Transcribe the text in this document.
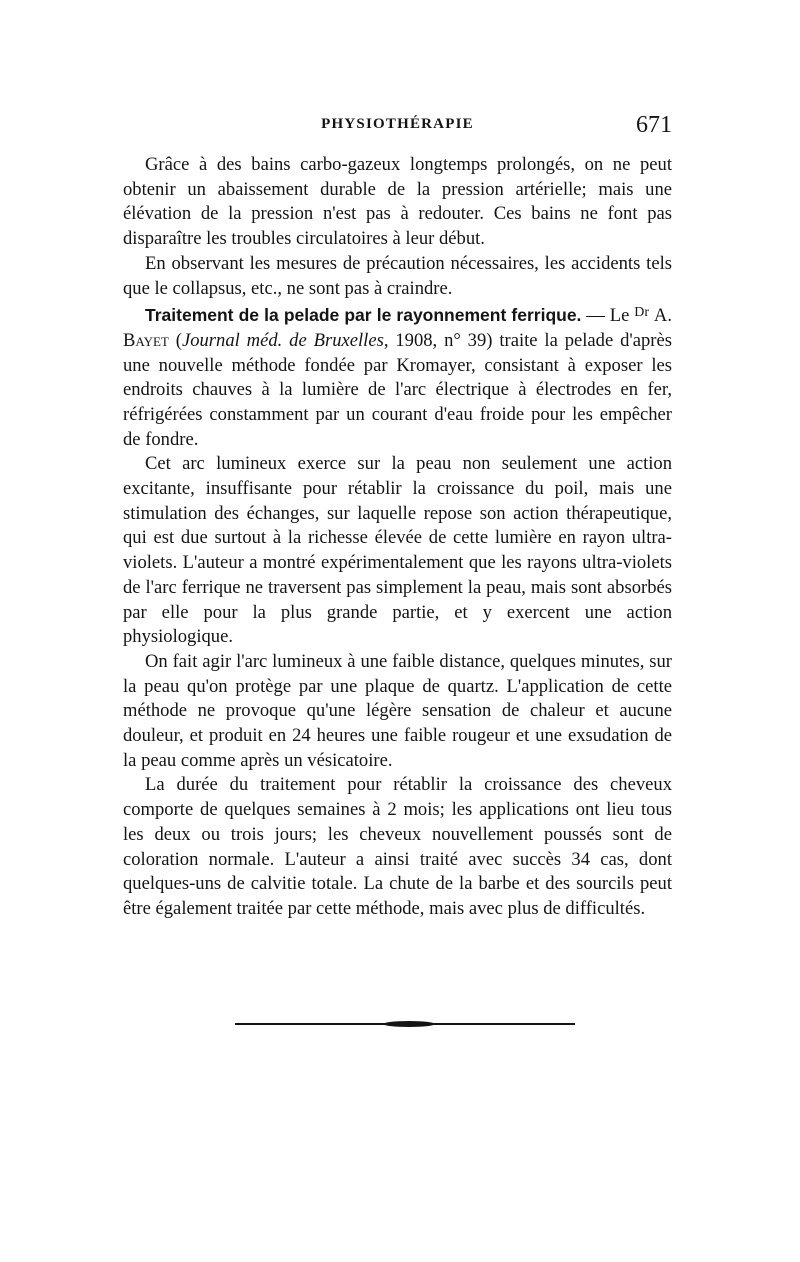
PHYSIOTHÉRAPIE	671

Grâce à des bains carbo-gazeux longtemps prolongés, on ne peut obtenir un abaissement durable de la pression artérielle; mais une élévation de la pression n'est pas à redouter. Ces bains ne font pas disparaître les troubles circulatoires à leur début.

En observant les mesures de précaution nécessaires, les accidents tels que le collapsus, etc., ne sont pas à craindre.

Traitement de la pelade par le rayonnement ferrique. — Le $^{Dr}$ A. Bayet (Journal méd. de Bruxelles, 1908, n° 39) traite la pelade d'après une nouvelle méthode fondée par Kromayer, consistant à exposer les endroits chauves à la lumière de l'arc électrique à électrodes en fer, réfrigérées constamment par un courant d'eau froide pour les empêcher de fondre.

Cet arc lumineux exerce sur la peau non seulement une action excitante, insuffisante pour rétablir la croissance du poil, mais une stimulation des échanges, sur laquelle repose son action thérapeutique, qui est due surtout à la richesse élevée de cette lumière en rayon ultra-violets. L'auteur a montré expérimentalement que les rayons ultra-violets de l'arc ferrique ne traversent pas simplement la peau, mais sont absorbés par elle pour la plus grande partie, et y exercent une action physiologique.

On fait agir l'arc lumineux à une faible distance, quelques minutes, sur la peau qu'on protège par une plaque de quartz. L'application de cette méthode ne provoque qu'une légère sensation de chaleur et aucune douleur, et produit en 24 heures une faible rougeur et une exsudation de la peau comme après un vésicatoire.

La durée du traitement pour rétablir la croissance des cheveux comporte de quelques semaines à 2 mois; les applications ont lieu tous les deux ou trois jours; les cheveux nouvellement poussés sont de coloration normale. L'auteur a ainsi traité avec succès 34 cas, dont quelques-uns de calvitie totale. La chute de la barbe et des sourcils peut être également traitée par cette méthode, mais avec plus de difficultés.
